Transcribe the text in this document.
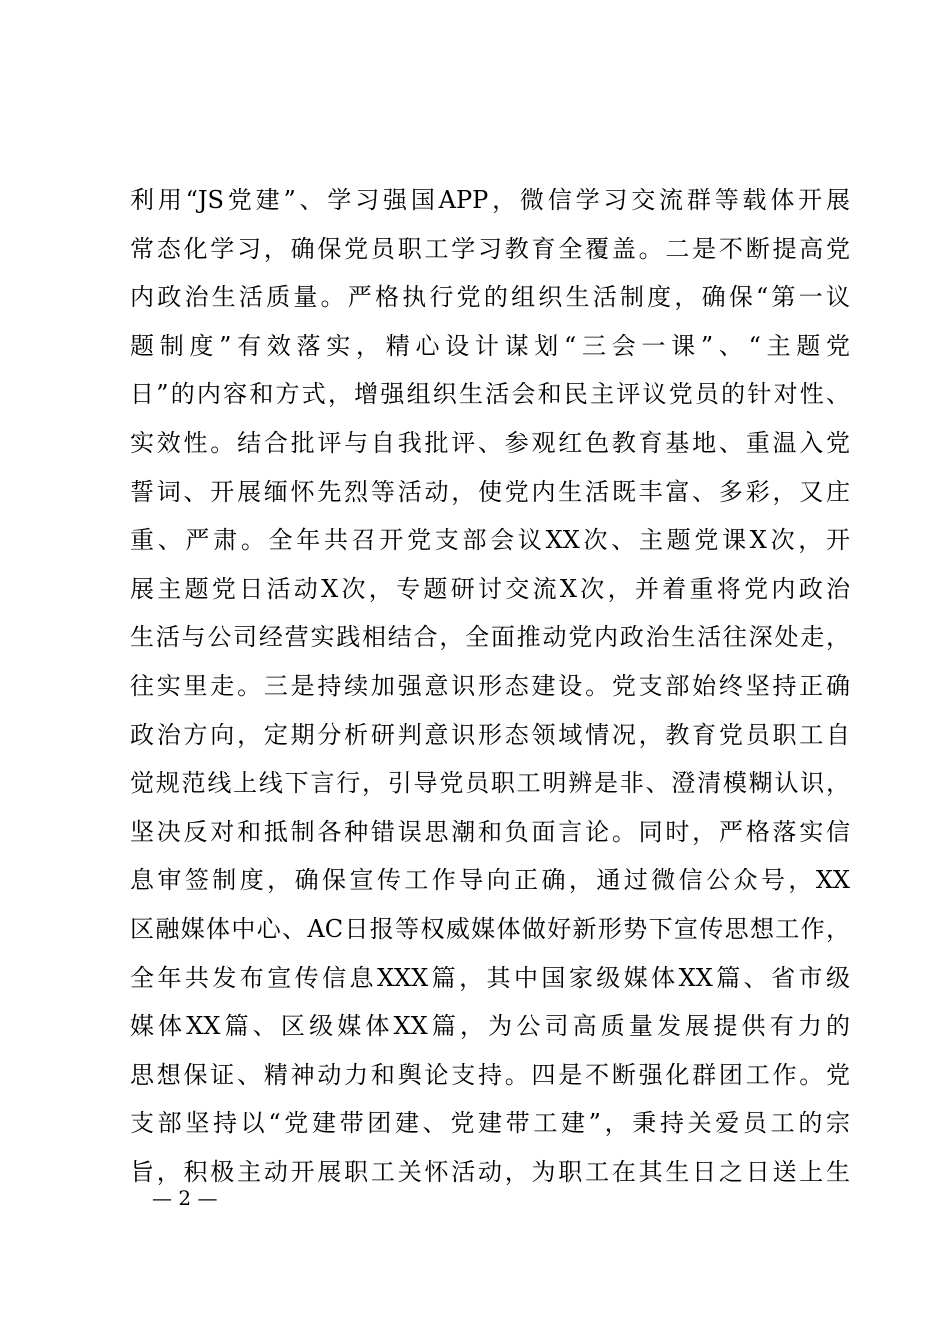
利用“JS党建”、学习强国APP，微信学习交流群等载体开展
常态化学习，确保党员职工学习教育全覆盖。二是不断提高党
内政治生活质量。严格执行党的组织生活制度，确保“第一议
题制度”有效落实，精心设计谋划“三会一课”、“主题党
日”的内容和方式，增强组织生活会和民主评议党员的针对性、
实效性。结合批评与自我批评、参观红色教育基地、重温入党
誓词、开展缅怀先烈等活动，使党内生活既丰富、多彩，又庄
重、严肃。全年共召开党支部会议XX次、主题党课X次，开
展主题党日活动X次，专题研讨交流X次，并着重将党内政治
生活与公司经营实践相结合，全面推动党内政治生活往深处走，
往实里走。三是持续加强意识形态建设。党支部始终坚持正确
政治方向，定期分析研判意识形态领域情况，教育党员职工自
觉规范线上线下言行，引导党员职工明辨是非、澄清模糊认识，
坚决反对和抵制各种错误思潮和负面言论。同时，严格落实信
息审签制度，确保宣传工作导向正确，通过微信公众号，XX
区融媒体中心、AC日报等权威媒体做好新形势下宣传思想工作，
全年共发布宣传信息XXX篇，其中国家级媒体XX篇、省市级
媒体XX篇、区级媒体XX篇，为公司高质量发展提供有力的
思想保证、精神动力和舆论支持。四是不断强化群团工作。党
支部坚持以“党建带团建、党建带工建”，秉持关爱员工的宗
旨，积极主动开展职工关怀活动，为职工在其生日之日送上生
— 2 —
